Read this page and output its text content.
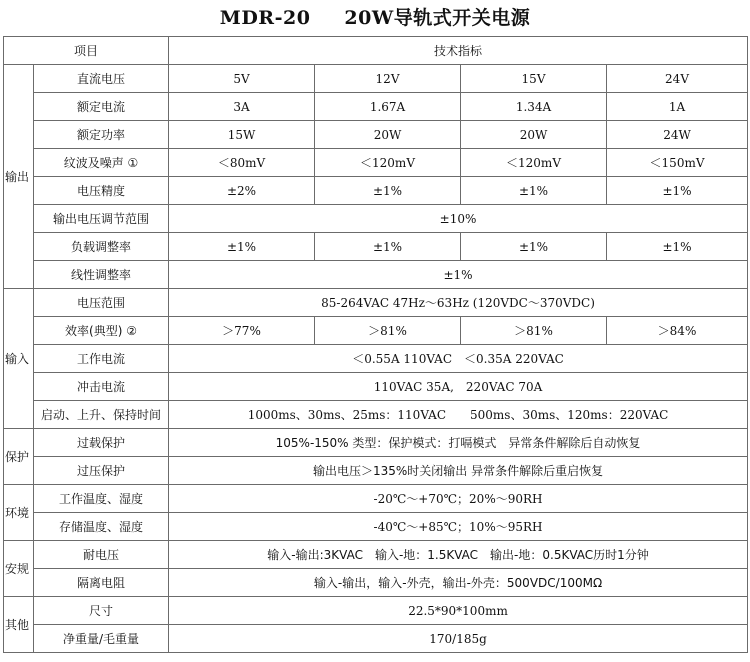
MDR-20 20W导轨式开关电源
项目		技术指标			
输出	直流电压	5V	12V	15V	24V
	额定电流	3A	1.67A	1.34A	1A
	额定功率	15W	20W	20W	24W
	纹波及噪声 ①	＜80mV	＜120mV	＜120mV	＜150mV
	电压精度	±2%	±1%	±1%	±1%
	输出电压调节范围	±10%			
	负载调整率	±1%	±1%	±1%	±1%
	线性调整率	±1%			
输入	电压范围	85-264VAC 47Hz～63Hz (120VDC～370VDC)			
	效率(典型) ②	＞77%	＞81%	＞81%	＞84%
	工作电流	＜0.55A 110VAC　＜0.35A 220VAC			
	冲击电流	110VAC 35A,　220VAC 70A			
	启动、上升、保持时间	1000ms、30ms、25ms：110VAC　　500ms、30ms、120ms：220VAC			
保护	过载保护	105%-150% 类型：保护模式：打嗝模式　异常条件解除后自动恢复			
	过压保护	输出电压＞135%时关闭输出 异常条件解除后重启恢复			
环境	工作温度、湿度	-20℃～+70℃；20%～90RH			
	存储温度、湿度	-40℃～+85℃；10%～95RH			
安规	耐电压	输入-输出:3KVAC　输入-地：1.5KVAC　输出-地：0.5KVAC历时1分钟			
	隔离电阻	输入-输出，输入-外壳，输出-外壳：500VDC/100MΩ			
其他	尺寸	22.5*90*100mm			
	净重量/毛重量	170/185g			
